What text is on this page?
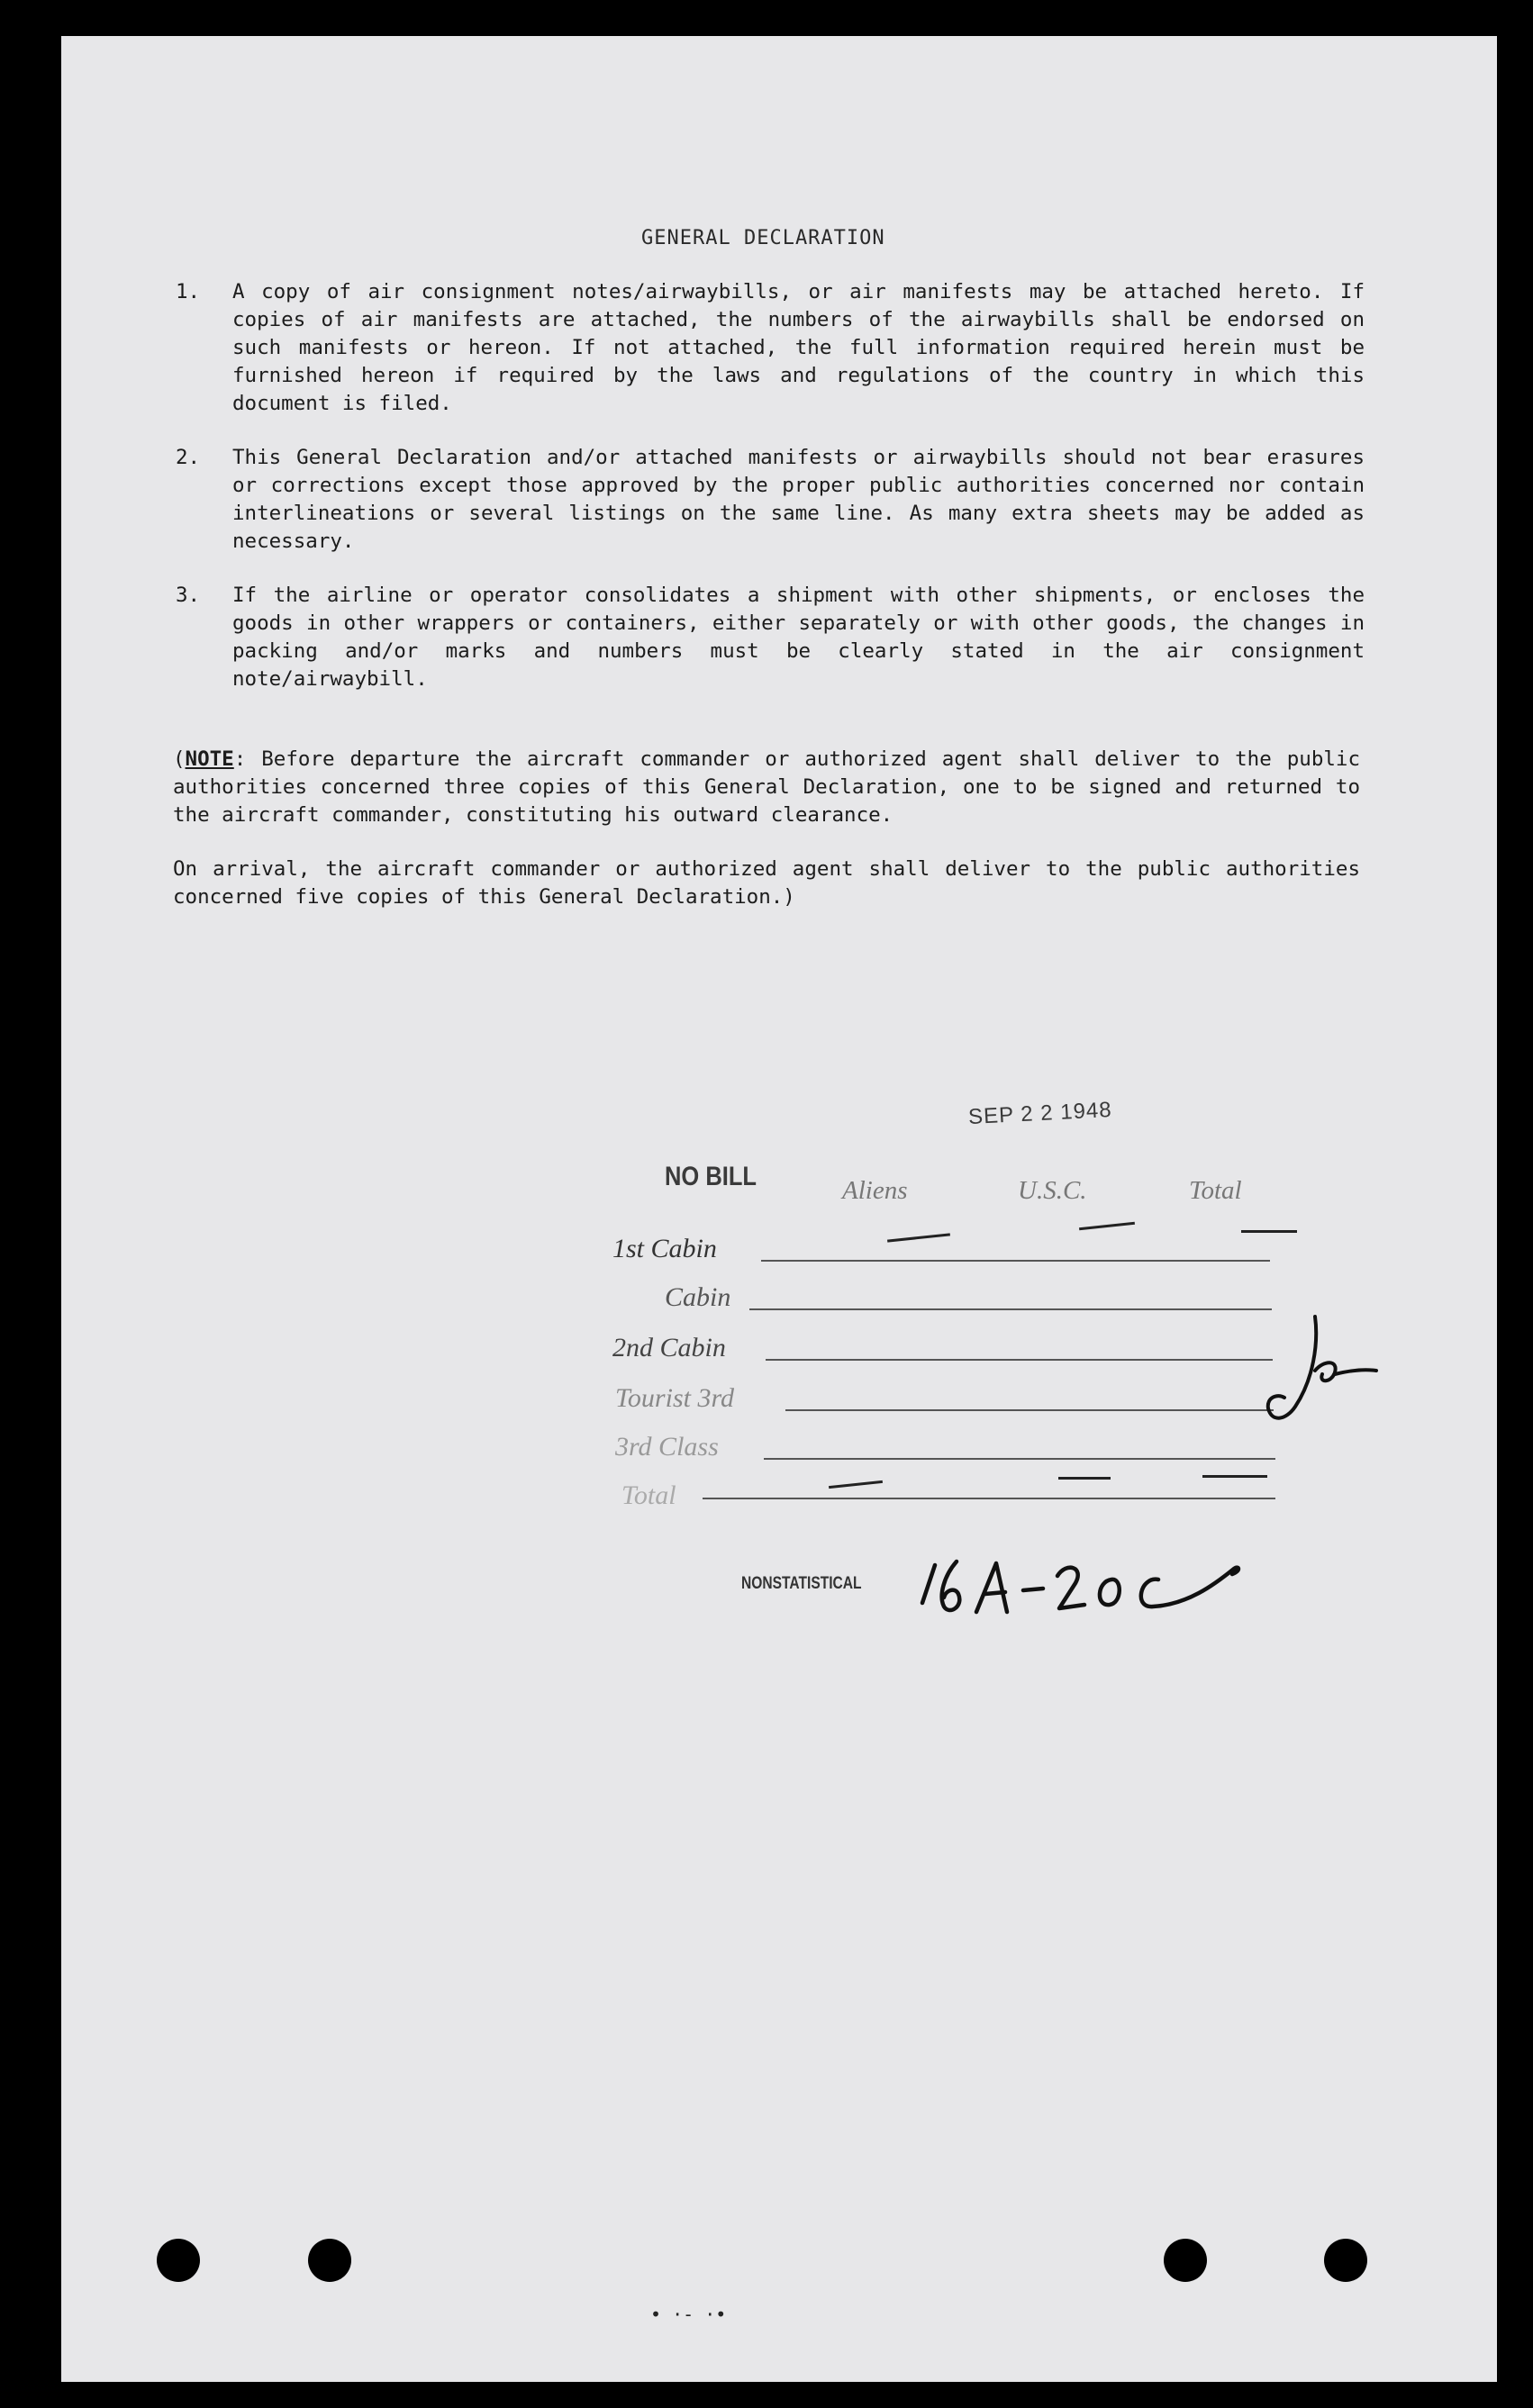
GENERAL DECLARATION
1. A copy of air consignment notes/airwaybills, or air manifests may be attached hereto. If copies of air manifests are attached, the numbers of the airwaybills shall be endorsed on such manifests or hereon. If not attached, the full information required herein must be furnished hereon if required by the laws and regulations of the country in which this document is filed.
2. This General Declaration and/or attached manifests or airwaybills should not bear erasures or corrections except those approved by the proper public authorities concerned nor contain interlineations or several listings on the same line. As many extra sheets may be added as necessary.
3. If the airline or operator consolidates a shipment with other shipments, or encloses the goods in other wrappers or containers, either separately or with other goods, the changes in packing and/or marks and numbers must be clearly stated in the air consignment note/airwaybill.
(NOTE: Before departure the aircraft commander or authorized agent shall deliver to the public authorities concerned three copies of this General Declaration, one to be signed and returned to the aircraft commander, constituting his outward clearance.
On arrival, the aircraft commander or authorized agent shall deliver to the public authorities concerned five copies of this General Declaration.)
SEP 2 2 1948
NO BILL	Aliens	U.S.C.	Total
1st Cabin
Cabin
2nd Cabin
Tourist 3rd
3rd Class
Total
NONSTATISTICAL
• ·- ·•
